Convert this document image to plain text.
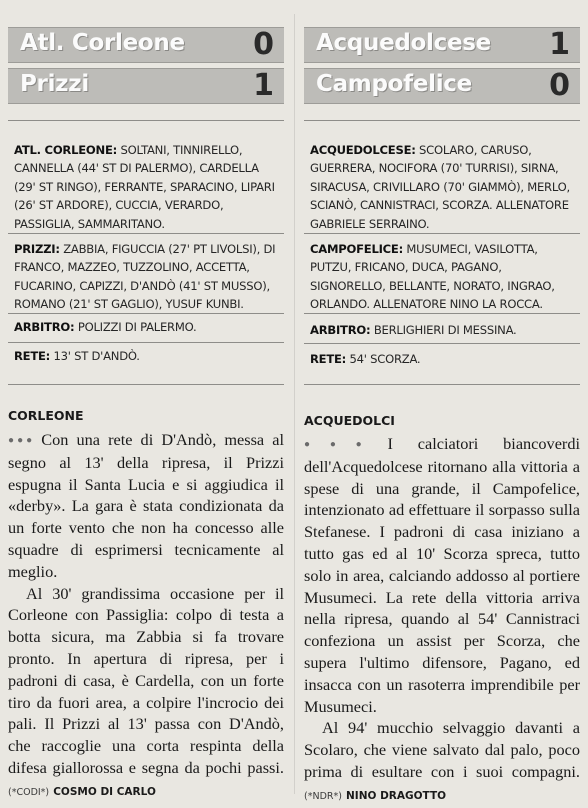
Atl. Corleone 0
Prizzi	1
ATL. CORLEONE: SOLTANI, TINNIRELLO, CANNELLA (44' ST DI PALERMO), CARDELLA (29' ST RINGO), FERRANTE, SPARACINO, LIPARI (26' ST ARDORE), CUCCIA, VERARDO, PASSIGLIA, SAMMARITANO.
PRIZZI: ZABBIA, FIGUCCIA (27' PT LIVOLSI), DI FRANCO, MAZZEO, TUZZOLINO, ACCETTA, FUCARINO, CAPIZZI, D'ANDÒ (41' ST MUSSO), ROMANO (21' ST GAGLIO), YUSUF KUNBI.
ARBITRO: POLIZZI DI PALERMO.
RETE: 13' ST D'ANDÒ.
CORLEONE

●●● Con una rete di D'Andò, messa al segno al 13' della ripresa, il Prizzi espugna il Santa Lucia e si aggiudica il «derby». La gara è stata condizionata da un forte vento che non ha concesso alle squadre di esprimersi tecnicamente al meglio.

Al 30' grandissima occasione per il Corleone con Passiglia: colpo di testa a botta sicura, ma Zabbia si fa trovare pronto. In apertura di ripresa, per i padroni di casa, è Cardella, con un forte tiro da fuori area, a colpire l'incrocio dei pali. Il Prizzi al 13' passa con D'Andò, che raccoglie una corta respinta della difesa giallorossa e segna da pochi passi. (*CODI*) COSMO DI CARLO

Acquedolcese 1
Campofelice	0
ACQUEDOLCESE: SCOLARO, CARUSO, GUERRERA, NOCIFORA (70' TURRISI), SIRNA, SIRACUSA, CRIVILLARO (70' GIAMMÒ), MERLO, SCIANÒ, CANNISTRACI, SCORZA. ALLENATORE GABRIELE SERRAINO.
CAMPOFELICE: MUSUMECI, VASILOTTA, PUTZU, FRICANO, DUCA, PAGANO, SIGNORELLO, BELLANTE, NORATO, INGRAO, ORLANDO. ALLENATORE NINO LA ROCCA.
ARBITRO: BERLIGHIERI DI MESSINA.
RETE: 54' SCORZA.
ACQUEDOLCI

●●● I calciatori biancoverdi dell'Acquedolcese ritornano alla vittoria a spese di una grande, il Campofelice, intenzionato ad effettuare il sorpasso sulla Stefanese. I padroni di casa iniziano a tutto gas ed al 10' Scorza spreca, tutto solo in area, calciando addosso al portiere Musumeci. La rete della vittoria arriva nella ripresa, quando al 54' Cannistraci confeziona un assist per Scorza, che supera l'ultimo difensore, Pagano, ed insacca con un rasoterra imprendibile per Musumeci.

Al 94' mucchio selvaggio davanti a Scolaro, che viene salvato dal palo, poco prima di esultare con i suoi compagni. (*NDR*) NINO DRAGOTTO
